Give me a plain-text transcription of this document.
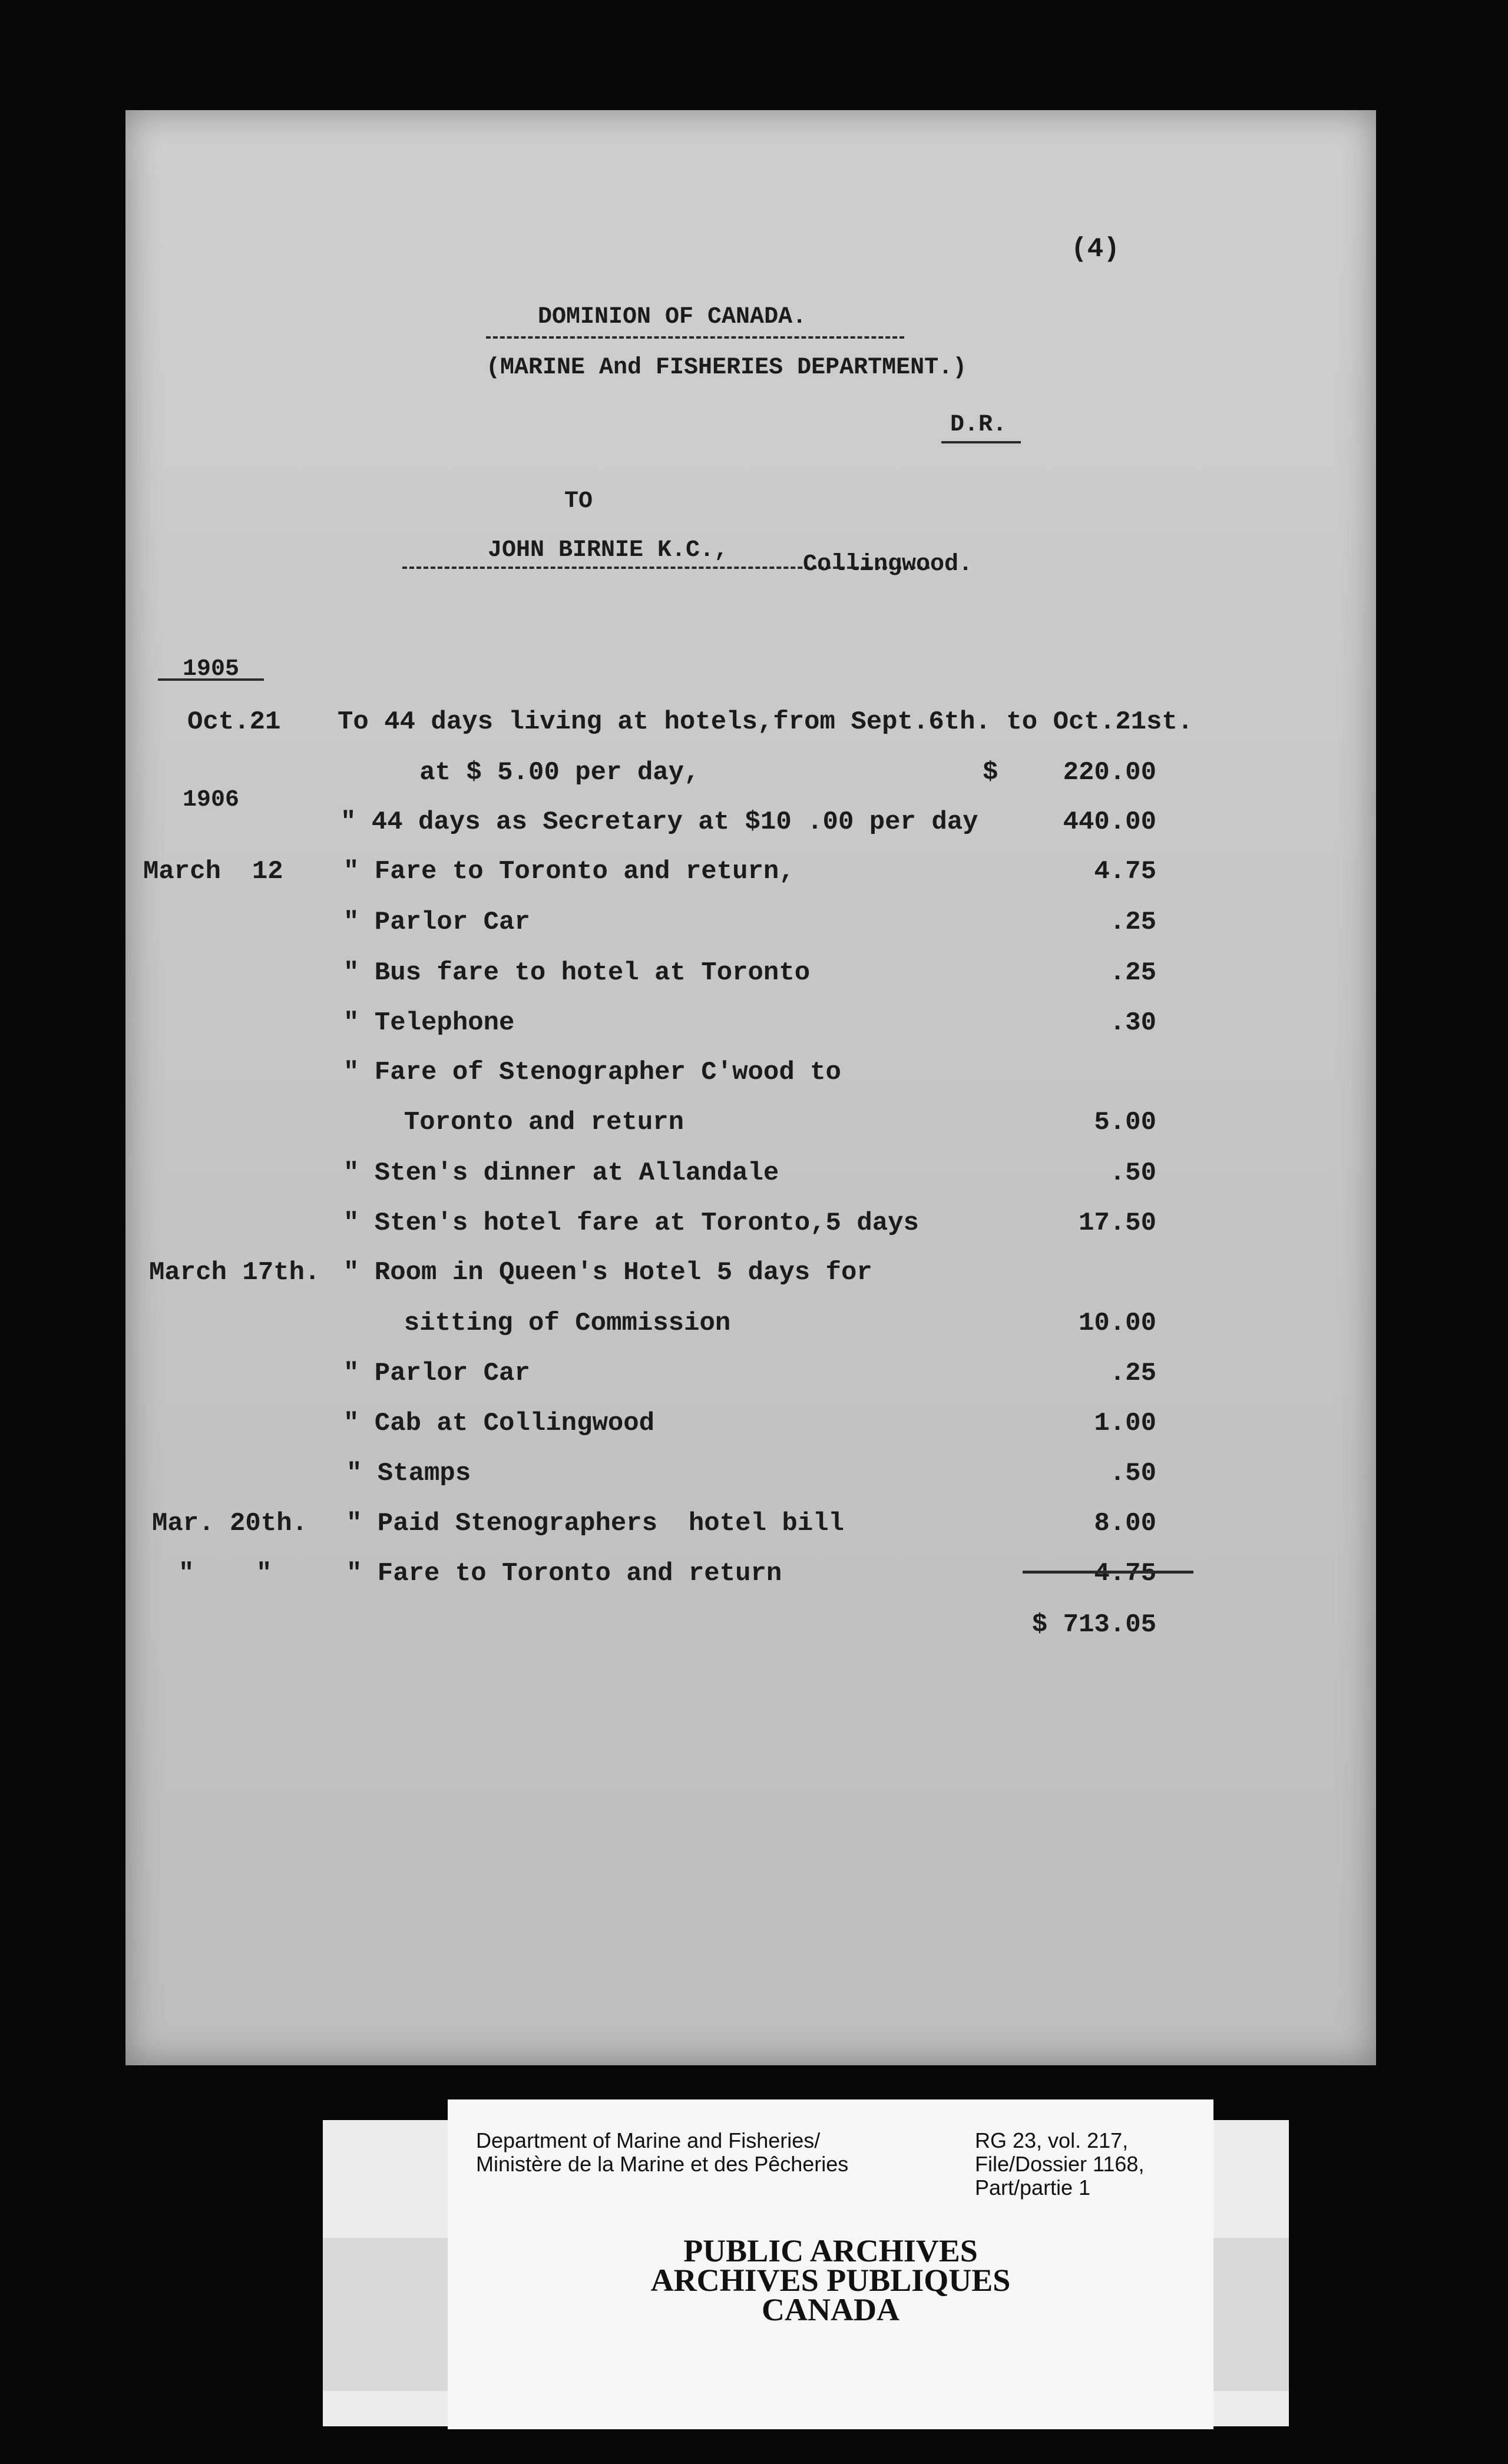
(4)
DOMINION OF CANADA.
(MARINE And FISHERIES DEPARTMENT.)
D.R.
TO
JOHN BIRNIE K.C.,
Collingwood.
1905
1906
Oct.21 To 44 days living at hotels,from Sept.6th. to Oct.21st.
at $ 5.00 per day,	$	220.00
" 44 days as Secretary at $10 .00 per day	440.00
March  12 " Fare to Toronto and return,	4.75
" Parlor Car	.25
" Bus fare to hotel at Toronto	.25
" Telephone	.30
" Fare of Stenographer C'wood to
Toronto and return	5.00
" Sten's dinner at Allandale	.50
" Sten's hotel fare at Toronto,5 days	17.50
March 17th. " Room in Queen's Hotel 5 days for
sitting of Commission	10.00
" Parlor Car	.25
" Cab at Collingwood	1.00
" Stamps	.50
Mar. 20th. " Paid Stenographers  hotel bill	8.00
"    "	" Fare to Toronto and return	4.75
$ 713.05
Department of Marine and Fisheries/
Ministère de la Marine et des Pêcheries
RG 23, vol. 217,
File/Dossier 1168,
Part/partie 1
PUBLIC ARCHIVES
ARCHIVES PUBLIQUES
CANADA
